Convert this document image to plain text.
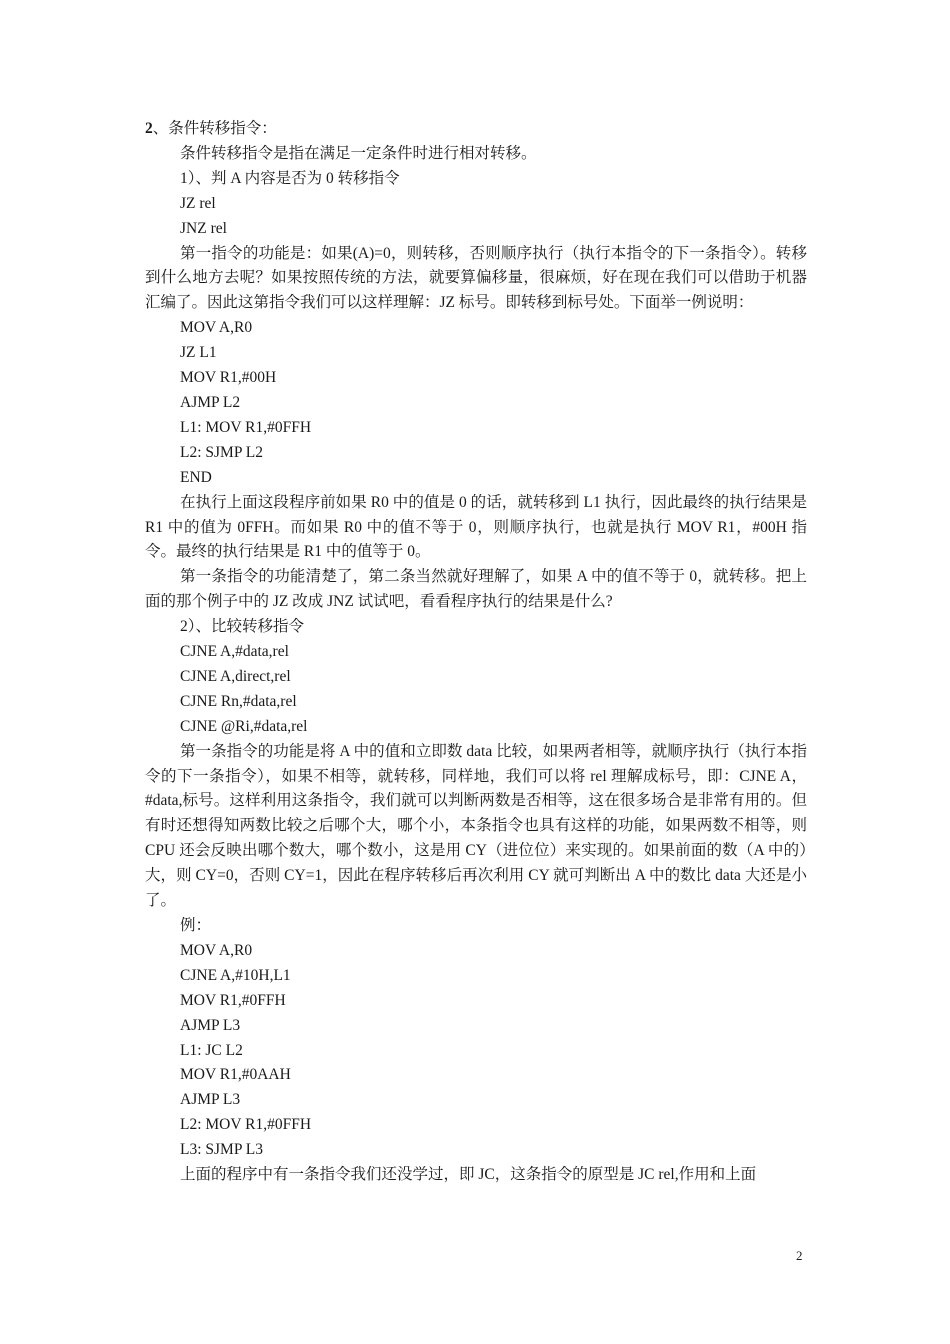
2、条件转移指令：

条件转移指令是指在满足一定条件时进行相对转移。

1）、判 A 内容是否为 0 转移指令

JZ rel

JNZ rel

第一指令的功能是：如果(A)=0，则转移，否则顺序执行（执行本指令的下一条指令）。转移到什么地方去呢？如果按照传统的方法，就要算偏移量，很麻烦，好在现在我们可以借助于机器汇编了。因此这第指令我们可以这样理解：JZ 标号。即转移到标号处。下面举一例说明：

MOV A,R0

JZ L1

MOV R1,#00H

AJMP L2

L1: MOV R1,#0FFH

L2: SJMP L2

END

在执行上面这段程序前如果 R0 中的值是 0 的话，就转移到 L1 执行，因此最终的执行结果是 R1 中的值为 0FFH。而如果 R0 中的值不等于 0，则顺序执行，也就是执行 MOV R1，#00H 指令。最终的执行结果是 R1 中的值等于 0。

第一条指令的功能清楚了，第二条当然就好理解了，如果 A 中的值不等于 0，就转移。把上面的那个例子中的 JZ 改成 JNZ 试试吧，看看程序执行的结果是什么?

2）、比较转移指令

CJNE A,#data,rel

CJNE A,direct,rel

CJNE Rn,#data,rel

CJNE @Ri,#data,rel

第一条指令的功能是将 A 中的值和立即数 data 比较，如果两者相等，就顺序执行（执行本指令的下一条指令），如果不相等，就转移，同样地，我们可以将 rel 理解成标号，即：CJNE A，#data,标号。这样利用这条指令，我们就可以判断两数是否相等，这在很多场合是非常有用的。但有时还想得知两数比较之后哪个大，哪个小，本条指令也具有这样的功能，如果两数不相等，则 CPU 还会反映出哪个数大，哪个数小，这是用 CY（进位位）来实现的。如果前面的数（A 中的）大，则 CY=0，否则 CY=1，因此在程序转移后再次利用 CY 就可判断出 A 中的数比 data 大还是小了。

例：

MOV A,R0

CJNE A,#10H,L1

MOV R1,#0FFH

AJMP L3

L1: JC L2

MOV R1,#0AAH

AJMP L3

L2: MOV R1,#0FFH

L3: SJMP L3

上面的程序中有一条指令我们还没学过，即 JC，这条指令的原型是 JC rel,作用和上面

2
